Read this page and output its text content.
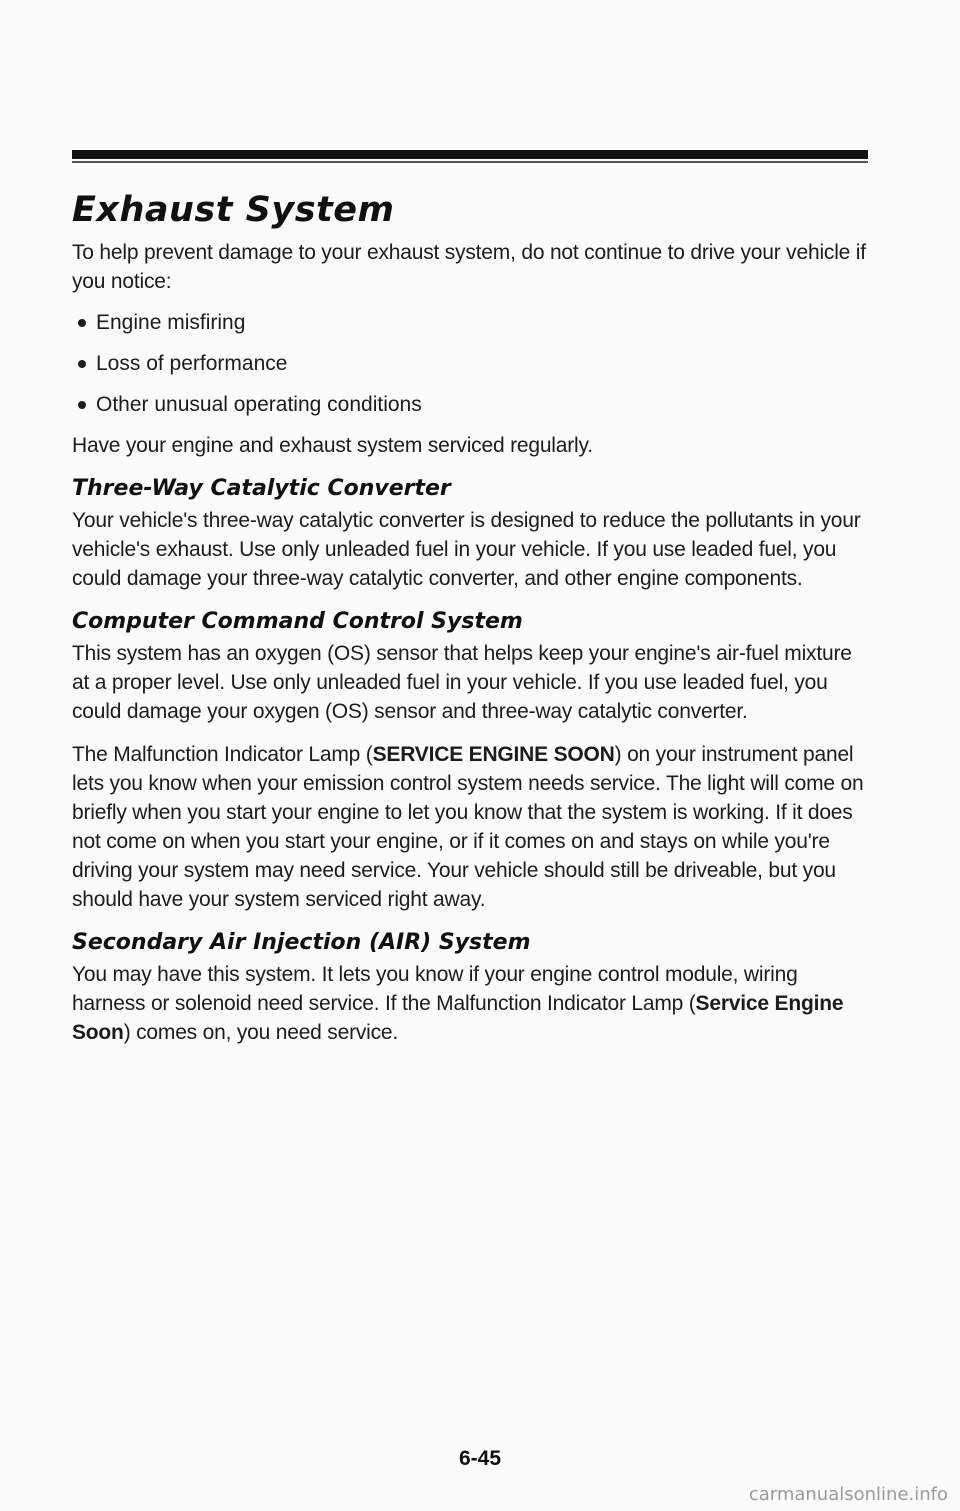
Exhaust System

To help prevent damage to your exhaust system, do not continue to drive your vehicle if you notice:

Engine misfiring
Loss of performance
Other unusual operating conditions

Have your engine and exhaust system serviced regularly.

Three-Way Catalytic Converter

Your vehicle's three-way catalytic converter is designed to reduce the pollutants in your vehicle's exhaust. Use only unleaded fuel in your vehicle. If you use leaded fuel, you could damage your three-way catalytic converter, and other engine components.

Computer Command Control System

This system has an oxygen (OS) sensor that helps keep your engine's air-fuel mixture at a proper level. Use only unleaded fuel in your vehicle. If you use leaded fuel, you could damage your oxygen (OS) sensor and three-way catalytic converter.

The Malfunction Indicator Lamp (SERVICE ENGINE SOON) on your instrument panel lets you know when your emission control system needs service. The light will come on briefly when you start your engine to let you know that the system is working. If it does not come on when you start your engine, or if it comes on and stays on while you're driving your system may need service. Your vehicle should still be driveable, but you should have your system serviced right away.

Secondary Air Injection (AIR) System

You may have this system. It lets you know if your engine control module, wiring harness or solenoid need service. If the Malfunction Indicator Lamp (Service Engine Soon) comes on, you need service.

6-45
carmanualsonline.info
